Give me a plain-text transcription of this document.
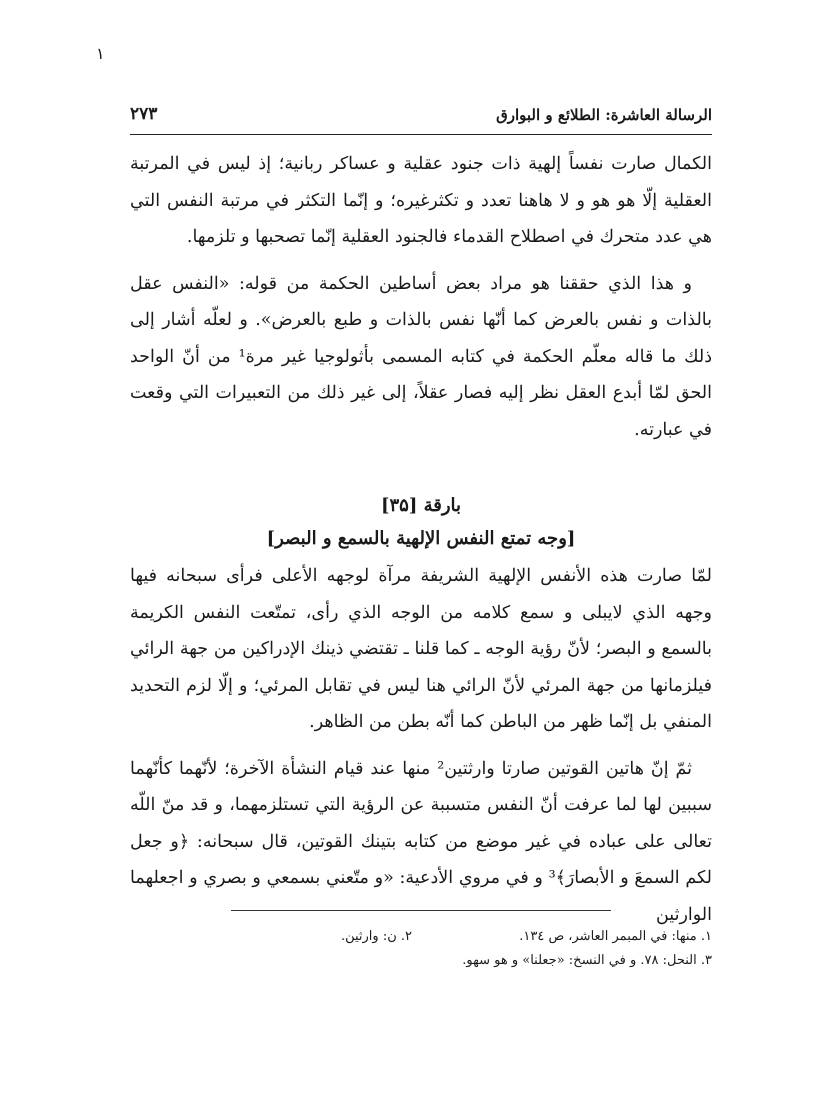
۱
الرسالة العاشرة: الطلائع و البوارق
۲۷۳

الكمال صارت نفساً إلهية ذات جنود عقلية و عساكر ربانية؛ إذ ليس في المرتبة العقلية إلّا هو هو و لا هاهنا تعدد و تكثرغيره؛ و إنّما التكثر في مرتبة النفس التي هي عدد متحرك في اصطلاح القدماء فالجنود العقلية إنّما تصحبها و تلزمها.

و هذا الذي حققنا هو مراد بعض أساطين الحكمة من قوله: «النفس عقل بالذات و نفس بالعرض كما أنّها نفس بالذات و طبع بالعرض». و لعلّه أشار إلى ذلك ما قاله معلّم الحكمة في كتابه المسمى بأثولوجيا غير مرة¹ من أنّ الواحد الحق لمّا أبدع العقل نظر إليه فصار عقلاً، إلى غير ذلك من التعبيرات التي وقعت في عبارته.

بارقة [۳۵]
[وجه تمتع النفس الإلهية بالسمع و البصر]

لمّا صارت هذه الأنفس الإلهية الشريفة مرآة لوجهه الأعلى فرأى سبحانه فيها وجهه الذي لايبلى و سمع كلامه من الوجه الذي رأى، تمتّعت النفس الكريمة بالسمع و البصر؛ لأنّ رؤية الوجه ـ كما قلنا ـ تقتضي ذينك الإدراكين من جهة الرائي فيلزمانها من جهة المرئي لأنّ الرائي هنا ليس في تقابل المرئي؛ و إلّا لزم التحديد المنفي بل إنّما ظهر من الباطن كما أنّه بطن من الظاهر.

ثمّ إنّ هاتين القوتين صارتا وارثتين² منها عند قيام النشأة الآخرة؛ لأنّهما كأنّهما سببين لها لما عرفت أنّ النفس متسببة عن الرؤية التي تستلزمهما، و قد منّ اللّه تعالى على عباده في غير موضع من كتابه بتينك القوتين، قال سبحانه: ﴿و جعل لكم السمعَ و الأبصارَ﴾³ و في مروي الأدعية: «و متّعني بسمعي و بصري و اجعلهما الوارثين

۱. منها: في المبمر العاشر، ص ۱۳٤.
۲. ن: وارثين.
۳. النحل: ۷۸. و في النسخ: «جعلنا» و هو سهو.
